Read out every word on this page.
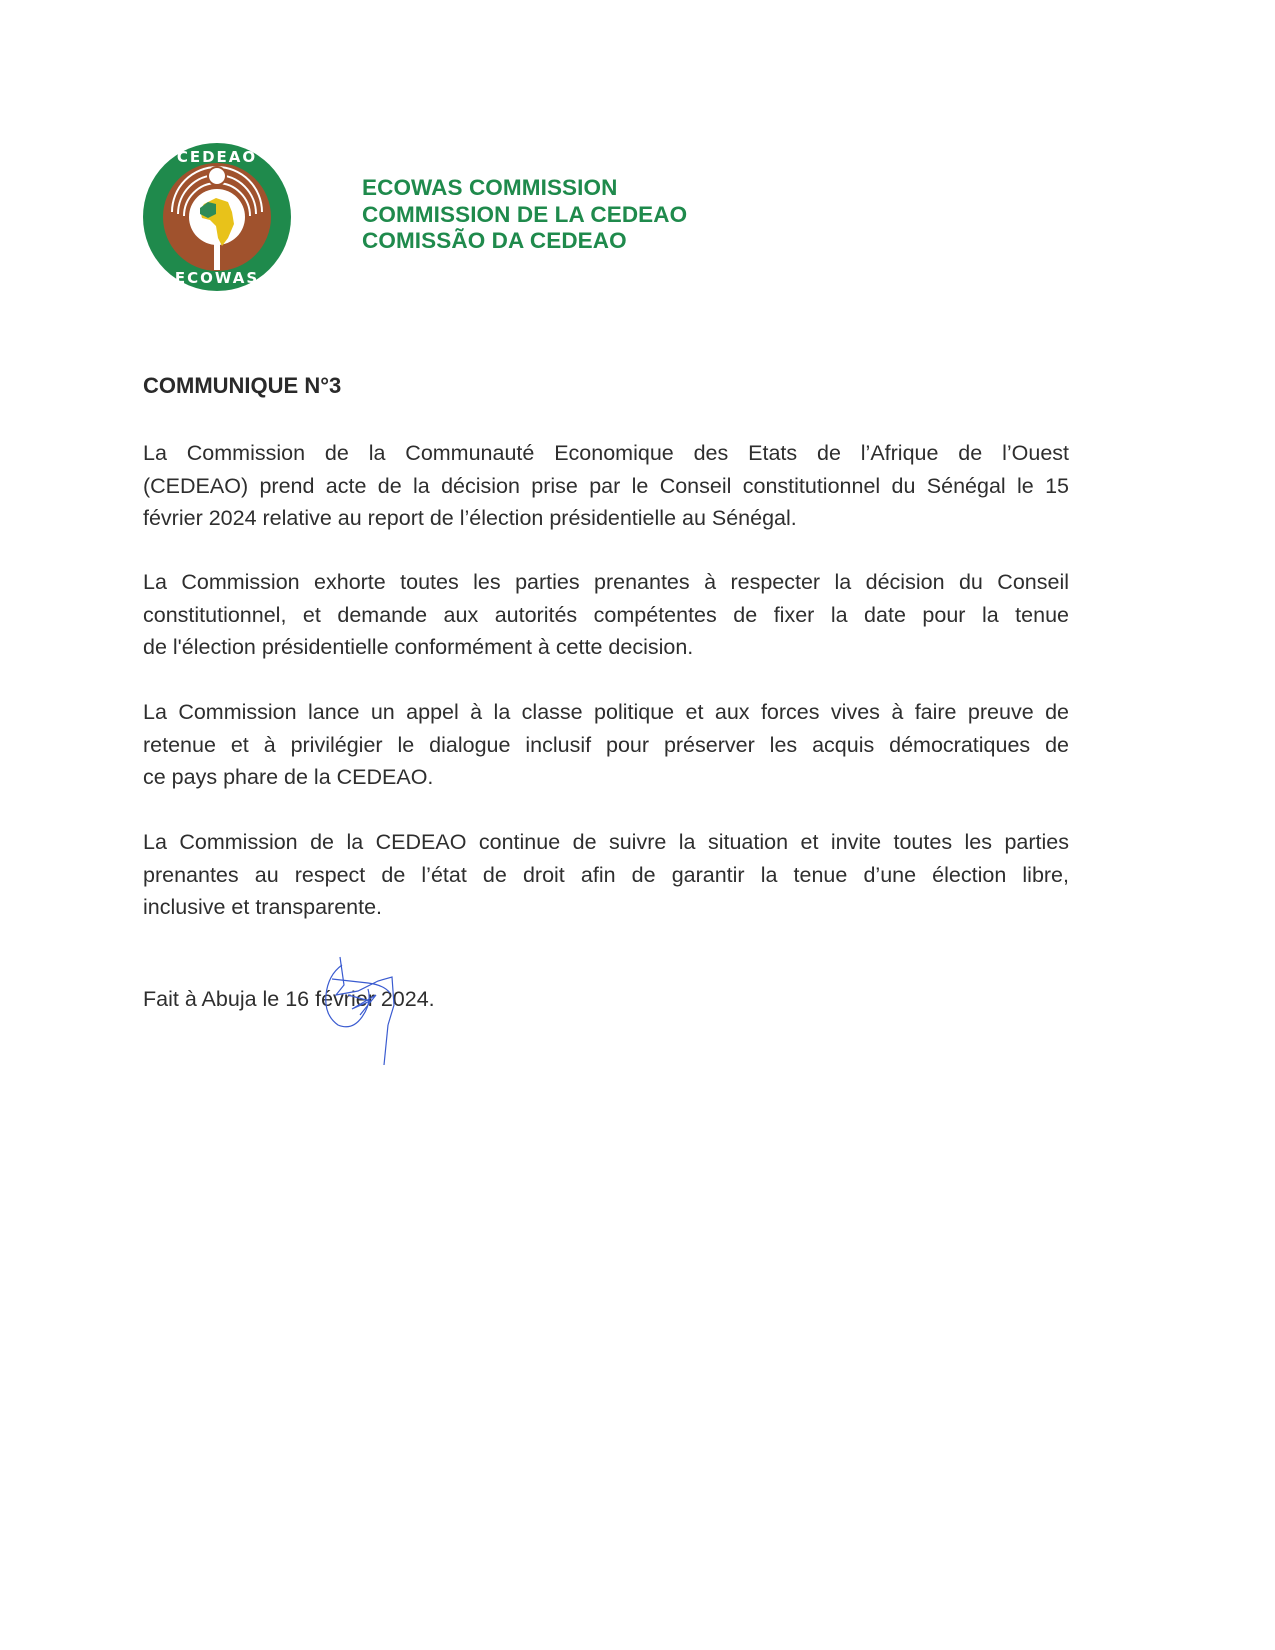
CEDEAO
ECOWAS
ECOWAS COMMISSION
COMMISSION DE LA CEDEAO
COMISSÃO DA CEDEAO
COMMUNIQUE N°3
La Commission de la Communauté Economique des Etats de l’Afrique de l’Ouest
(CEDEAO) prend acte de la décision prise par le Conseil constitutionnel du Sénégal le 15
février 2024 relative au report de l’élection présidentielle au Sénégal.
La Commission exhorte toutes les parties prenantes à respecter la décision du Conseil
constitutionnel, et demande aux autorités compétentes de fixer la date pour la tenue
de l'élection présidentielle conformément à cette decision.
La Commission lance un appel à la classe politique et aux forces vives à faire preuve de
retenue et à privilégier le dialogue inclusif pour préserver les acquis démocratiques de
ce pays phare de la CEDEAO.
La Commission de la CEDEAO continue de suivre la situation et invite toutes les parties
prenantes au respect de l’état de droit afin de garantir la tenue d’une élection libre,
inclusive et transparente.
Fait à Abuja le 16 février 2024.
